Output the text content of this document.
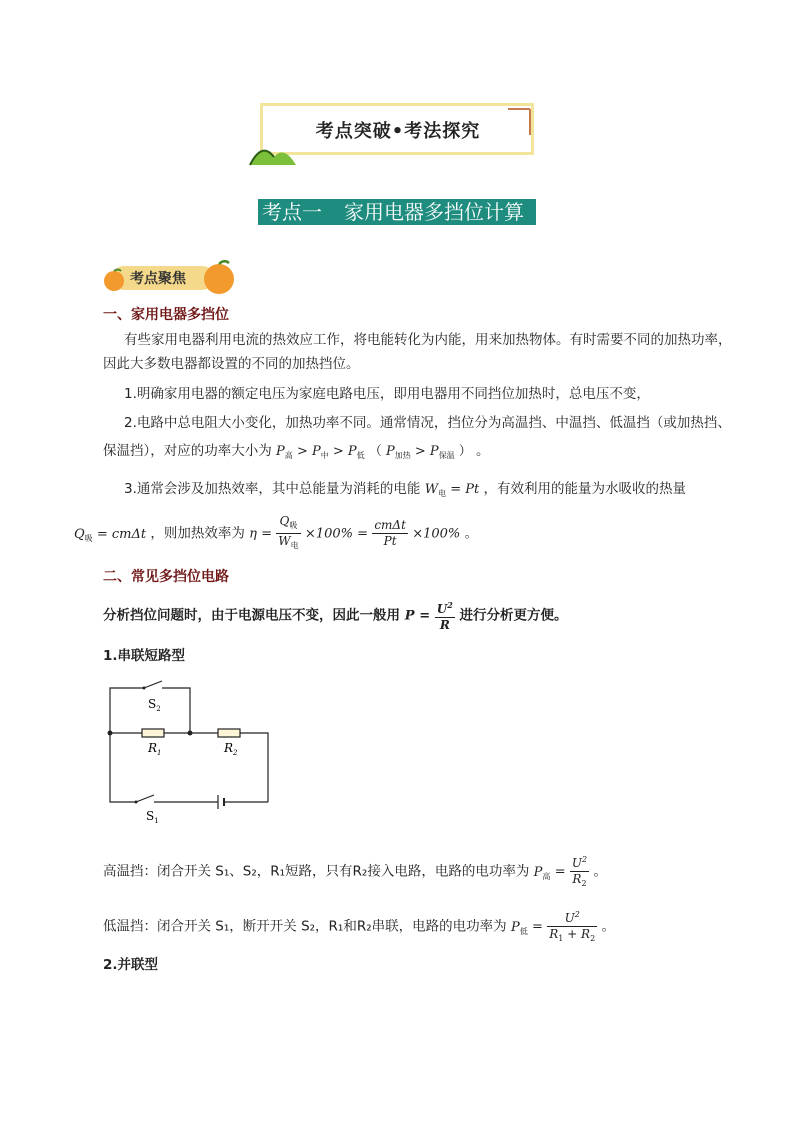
考点突破•考法探究
考点一 家用电器多挡位计算
考点聚焦
一、家用电器多挡位
有些家用电器利用电流的热效应工作，将电能转化为内能，用来加热物体。有时需要不同的加热功率，
因此大多数电器都设置的不同的加热挡位。
1.明确家用电器的额定电压为家庭电路电压，即用电器用不同挡位加热时，总电压不变，
2.电路中总电阻大小变化，加热功率不同。通常情况，挡位分为高温挡、中温挡、低温挡（或加热挡、
保温挡），对应的功率大小为 $P_高 > P_中 > P_低$ （ $P_{加热} > P_{保温}$ ） 。
3.通常会涉及加热效率，其中总能量为消耗的电能 $W_电 = Pt$ ，有效利用的能量为水吸收的热量
$Q_吸 = cm\Delta t$ ，则加热效率为 $\eta = \frac{Q_吸}{W_电} \times 100\% = \frac{\text{cmΔt}}{Pt} \times 100\%$ 。
二、常见多挡位电路
分析挡位问题时，由于电源电压不变，因此一般用 $P = \frac{U^2}{R}$ 进行分析更方便。
1.串联短路型
$S_2$
$R_1$	$R_2$
$S_1$
高温挡：闭合开关 S₁、S₂，R₁短路，只有R₂接入电路，电路的电功率为 $P_高 = \frac{U^2}{R_2}$ 。
低温挡：闭合开关 S₁，断开开关 S₂，R₁和R₂串联，电路的电功率为 $P_低 = \frac{U^2}{R_1 + R_2}$ 。
2.并联型
